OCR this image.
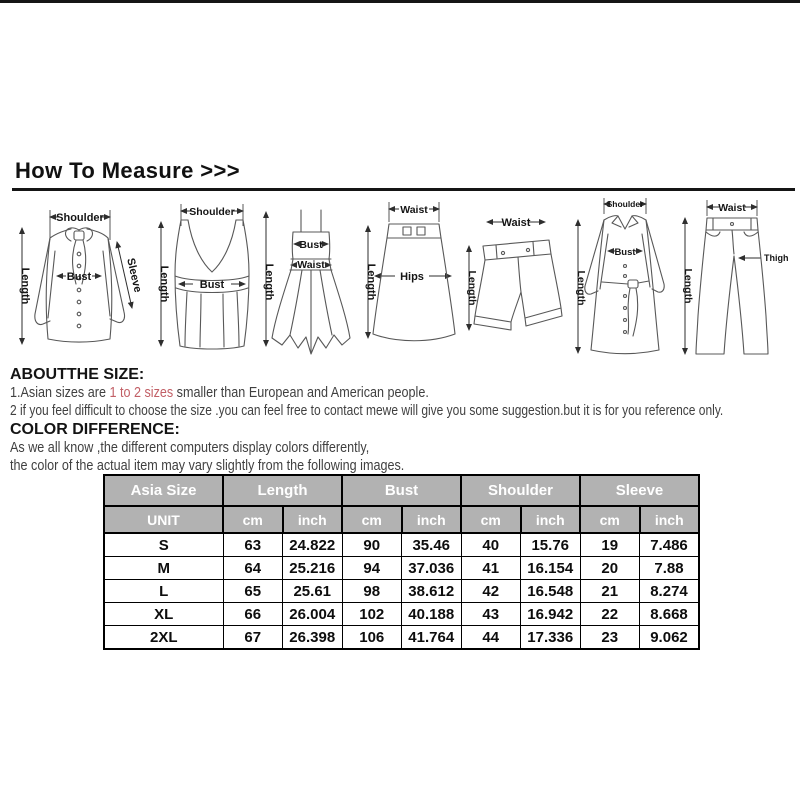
How To Measure >>>
Shoulder
Bust
Length	Sleeve
Shoulder
Bust
Length
Bust
Waist
Length
Waist
Hips
Length
Waist
Length
Shoulder
Bust
Length
Waist
Thigh
Length
ABOUTTHE SIZE:
1.Asian sizes are 1 to 2 sizes smaller than European and American people.
2 if you feel difficult to choose the size .you can feel free to contact mewe will give you some suggestion.but it is for you reference only.
COLOR DIFFERENCE:
As we all know ,the different computers display colors differently,
the color of the actual item may vary slightly from the following images.
Asia Size	Length		Bust		Shoulder		Sleeve	
UNIT	cm	inch	cm	inch	cm	inch	cm	inch
S	63	24.822	90	35.46	40	15.76	19	7.486
M	64	25.216	94	37.036	41	16.154	20	7.88
L	65	25.61	98	38.612	42	16.548	21	8.274
XL	66	26.004	102	40.188	43	16.942	22	8.668
2XL	67	26.398	106	41.764	44	17.336	23	9.062
